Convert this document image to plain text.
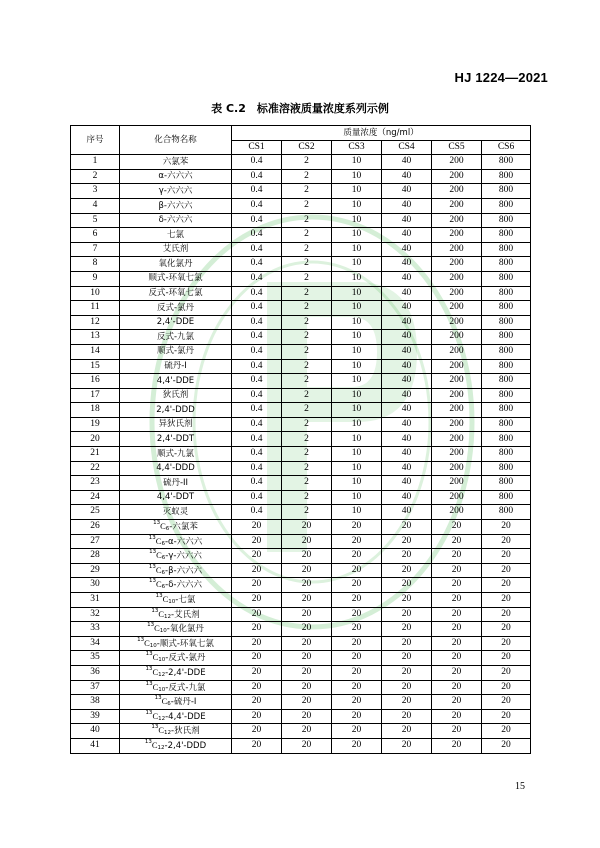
HJ 1224—2021
表 C.2　标准溶液质量浓度系列示例
序号	化合物名称	质量浓度（ng/ml）					
		CS1	CS2	CS3	CS4	CS5	CS6
1	六氯苯	0.4	2	10	40	200	800
2	α-六六六	0.4	2	10	40	200	800
3	γ-六六六	0.4	2	10	40	200	800
4	β-六六六	0.4	2	10	40	200	800
5	δ-六六六	0.4	2	10	40	200	800
6	七氯	0.4	2	10	40	200	800
7	艾氏剂	0.4	2	10	40	200	800
8	氧化氯丹	0.4	2	10	40	200	800
9	顺式-环氧七氯	0.4	2	10	40	200	800
10	反式-环氧七氯	0.4	2	10	40	200	800
11	反式-氯丹	0.4	2	10	40	200	800
12	2,4'-DDE	0.4	2	10	40	200	800
13	反式-九氯	0.4	2	10	40	200	800
14	顺式-氯丹	0.4	2	10	40	200	800
15	硫丹-I	0.4	2	10	40	200	800
16	4,4'-DDE	0.4	2	10	40	200	800
17	狄氏剂	0.4	2	10	40	200	800
18	2,4'-DDD	0.4	2	10	40	200	800
19	异狄氏剂	0.4	2	10	40	200	800
20	2,4'-DDT	0.4	2	10	40	200	800
21	顺式-九氯	0.4	2	10	40	200	800
22	4,4'-DDD	0.4	2	10	40	200	800
23	硫丹-II	0.4	2	10	40	200	800
24	4,4'-DDT	0.4	2	10	40	200	800
25	灭蚁灵	0.4	2	10	40	200	800
26	$^{13}C_6-$六氯苯	20	20	20	20	20	20
27	$^{13}C_6-\alpha-$六六六	20	20	20	20	20	20
28	$^{13}C_6-\gamma-$六六六	20	20	20	20	20	20
29	$^{13}C_6-\beta-$六六六	20	20	20	20	20	20
30	$^{13}C_6-\delta-$六六六	20	20	20	20	20	20
31	$^{13}C_{10}-$七氯	20	20	20	20	20	20
32	$^{13}C_{12}-$艾氏剂	20	20	20	20	20	20
33	$^{13}C_{10}-$氧化氯丹	20	20	20	20	20	20
34	$^{13}C_{10}-$顺式-环氧七氯	20	20	20	20	20	20
35	$^{13}C_{10}-$反式-氯丹	20	20	20	20	20	20
36	$^{13}C_{12}-2,4'$-DDE	20	20	20	20	20	20
37	$^{13}C_{10}-$反式-九氯	20	20	20	20	20	20
38	$^{13}C_6-$硫丹-I	20	20	20	20	20	20
39	$^{13}C_{12}-4,4'$-DDE	20	20	20	20	20	20
40	$^{13}C_{12}-$狄氏剂	20	20	20	20	20	20
41	$^{13}C_{12}-2,4'$-DDD	20	20	20	20	20	20
15
